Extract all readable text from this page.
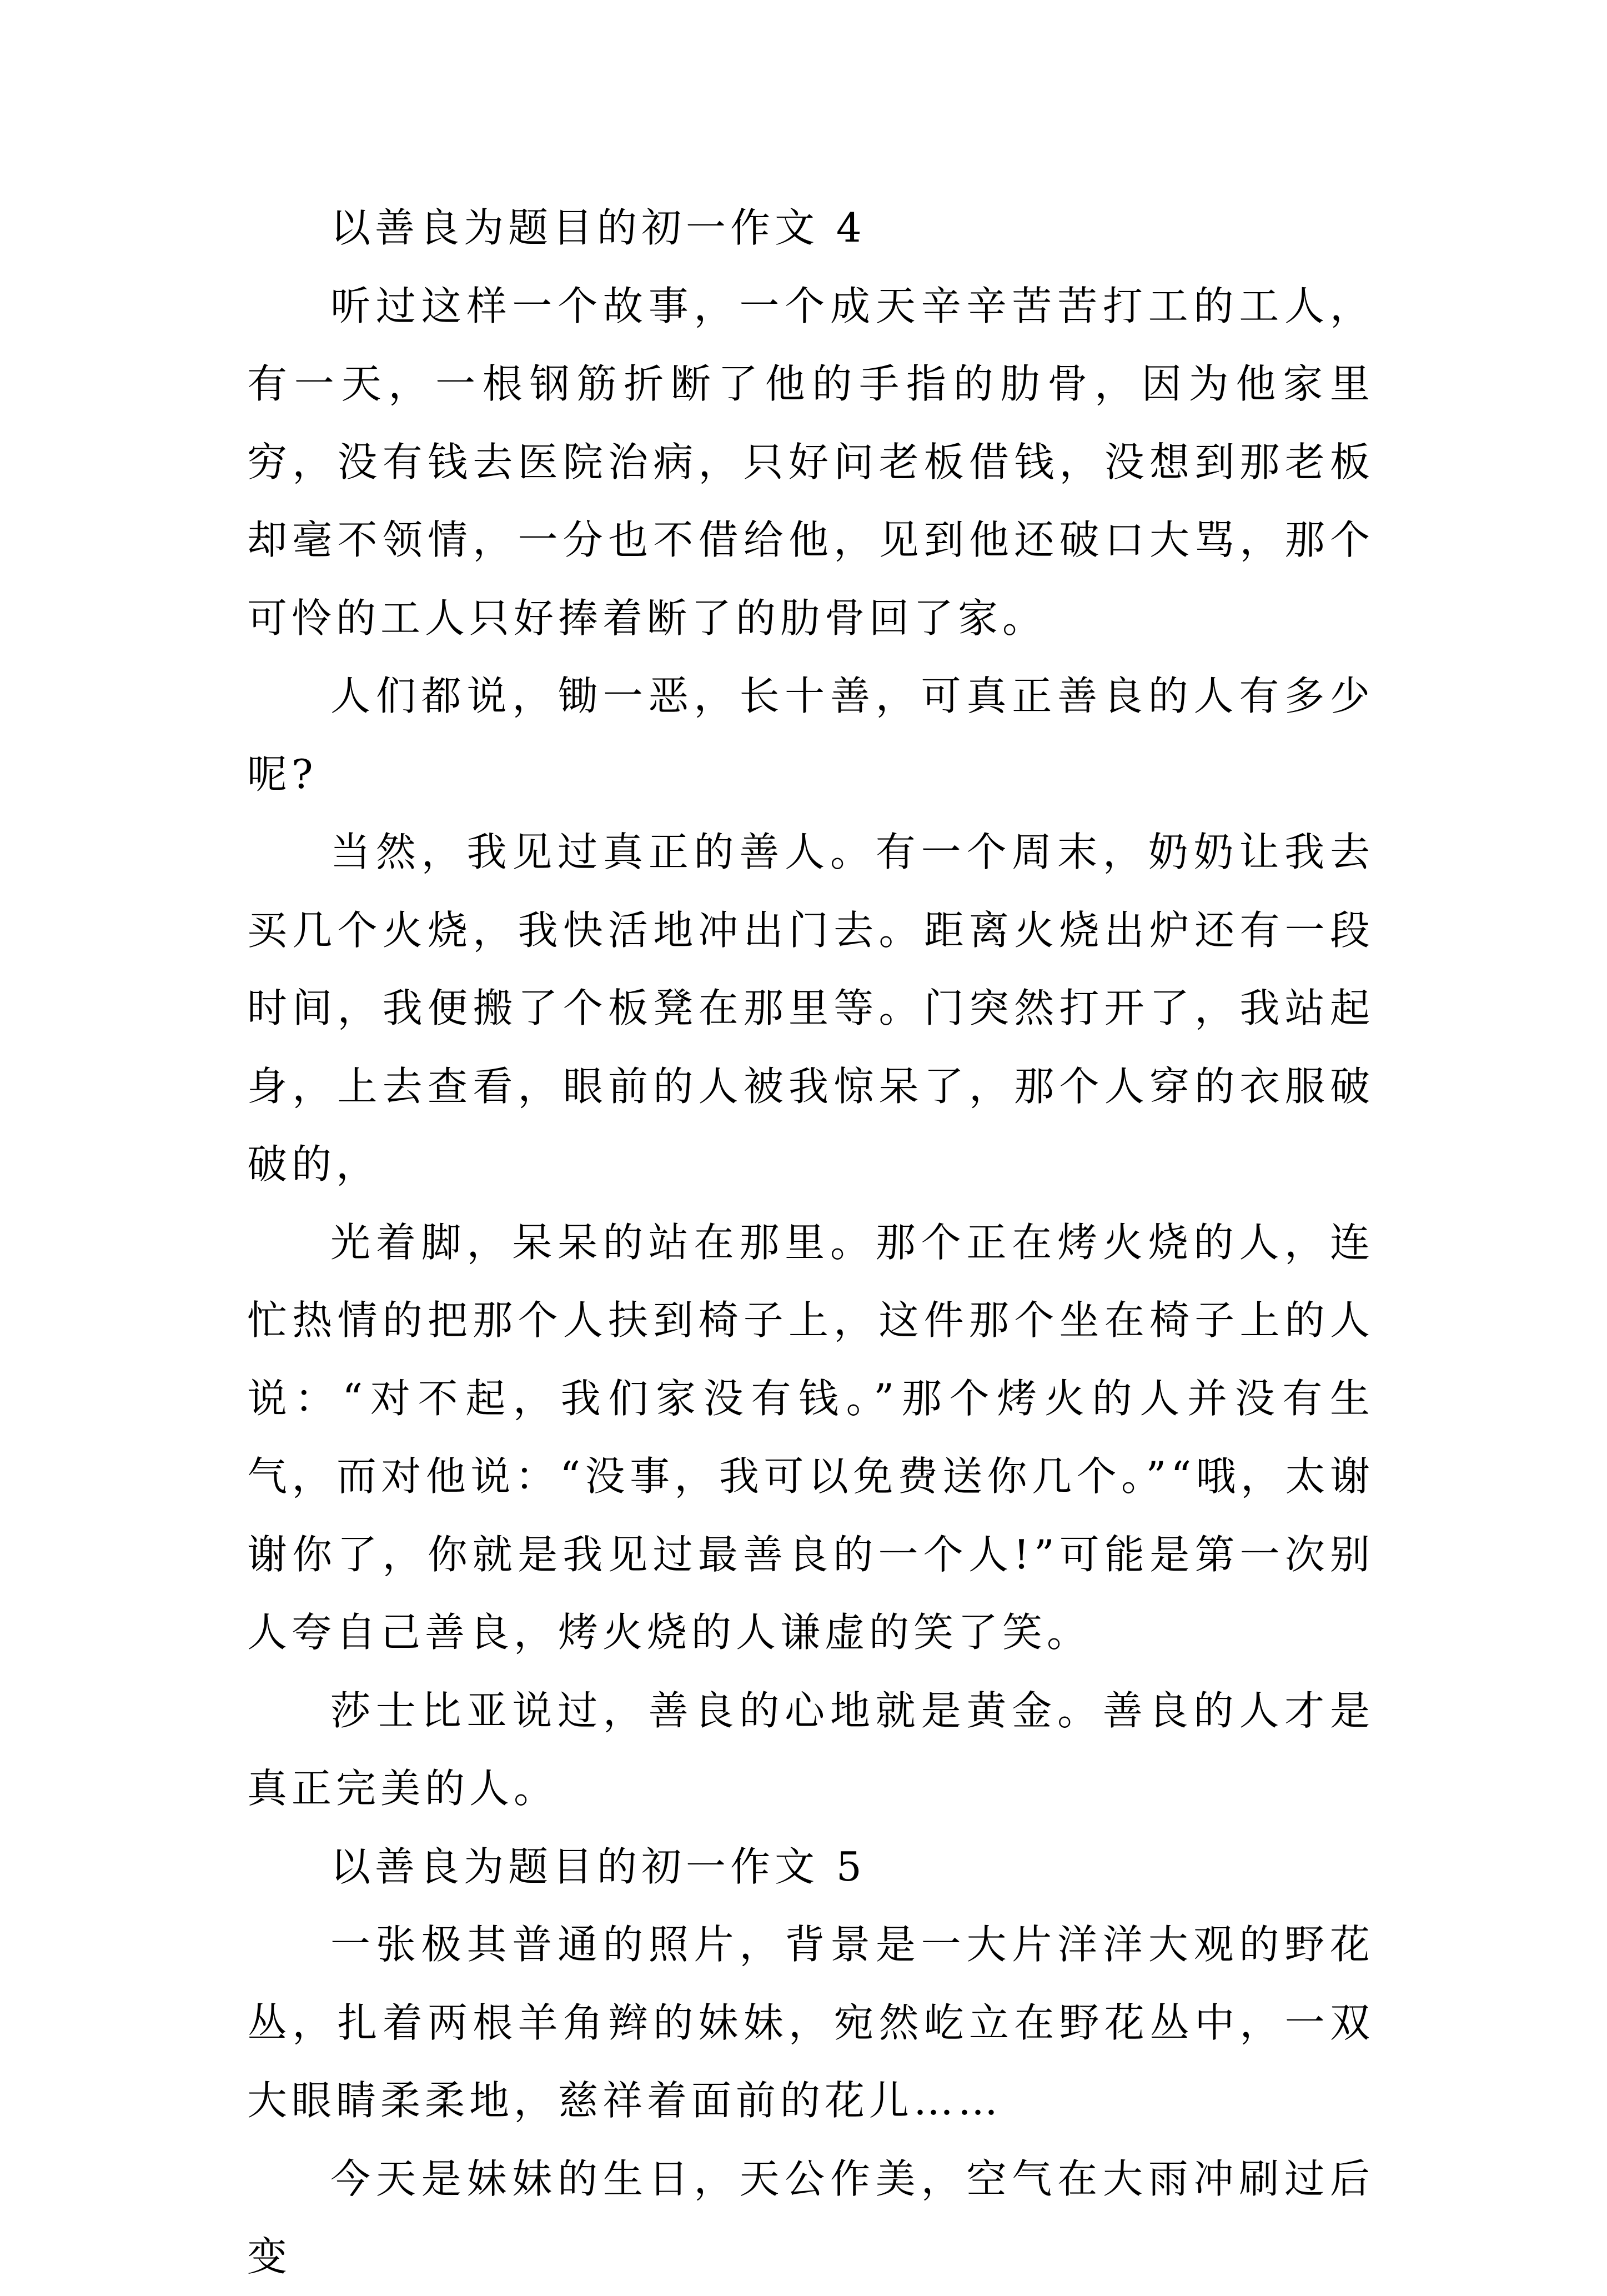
以善良为题目的初一作文 4

听过这样一个故事，一个成天辛辛苦苦打工的工人，有一天，一根钢筋折断了他的手指的肋骨，因为他家里穷，没有钱去医院治病，只好问老板借钱，没想到那老板却毫不领情，一分也不借给他，见到他还破口大骂，那个可怜的工人只好捧着断了的肋骨回了家。

人们都说，锄一恶，长十善，可真正善良的人有多少呢?

当然，我见过真正的善人。有一个周末，奶奶让我去买几个火烧，我快活地冲出门去。距离火烧出炉还有一段时间，我便搬了个板凳在那里等。门突然打开了，我站起身，上去查看，眼前的人被我惊呆了，那个人穿的衣服破破的，

光着脚，呆呆的站在那里。那个正在烤火烧的人，连忙热情的把那个人扶到椅子上，这件那个坐在椅子上的人说：“对不起，我们家没有钱。”那个烤火的人并没有生气，而对他说：“没事，我可以免费送你几个。”“哦，太谢谢你了，你就是我见过最善良的一个人!”可能是第一次别人夸自己善良，烤火烧的人谦虚的笑了笑。

莎士比亚说过，善良的心地就是黄金。善良的人才是真正完美的人。

以善良为题目的初一作文 5

一张极其普通的照片，背景是一大片洋洋大观的野花丛，扎着两根羊角辫的妹妹，宛然屹立在野花丛中，一双大眼睛柔柔地，慈祥着面前的花儿……

今天是妹妹的生日，天公作美，空气在大雨冲刷过后变
